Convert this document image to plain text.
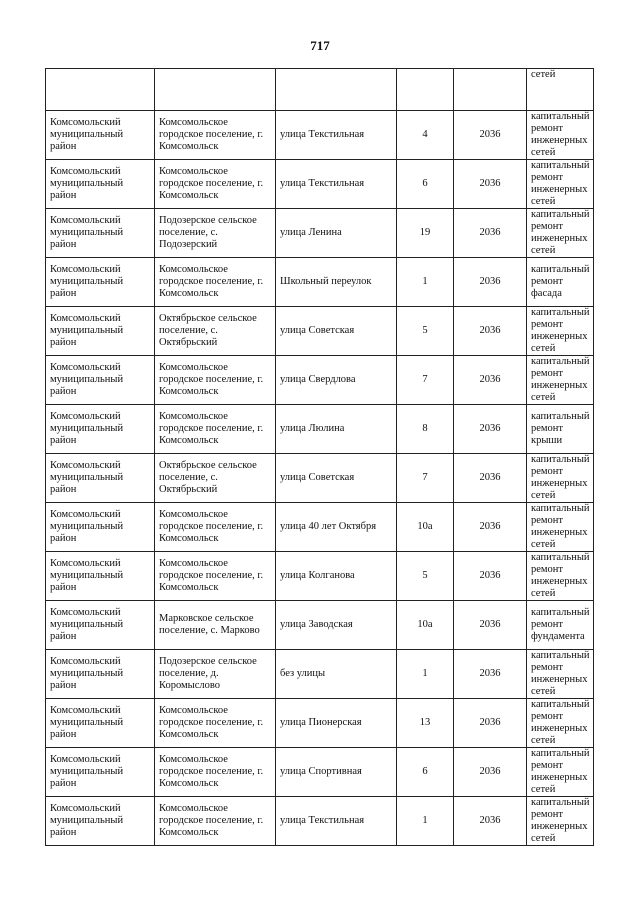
717
					сетей
Комсомольский муниципальный район	Комсомольское городское поселение, г. Комсомольск	улица Текстильная	4	2036	капитальный ремонт инженерных сетей
Комсомольский муниципальный район	Комсомольское городское поселение, г. Комсомольск	улица Текстильная	6	2036	капитальный ремонт инженерных сетей
Комсомольский муниципальный район	Подозерское сельское поселение, с. Подозерский	улица Ленина	19	2036	капитальный ремонт инженерных сетей
Комсомольский муниципальный район	Комсомольское городское поселение, г. Комсомольск	Школьный переулок	1	2036	капитальный ремонт фасада
Комсомольский муниципальный район	Октябрьское сельское поселение, с. Октябрьский	улица Советская	5	2036	капитальный ремонт инженерных сетей
Комсомольский муниципальный район	Комсомольское городское поселение, г. Комсомольск	улица Свердлова	7	2036	капитальный ремонт инженерных сетей
Комсомольский муниципальный район	Комсомольское городское поселение, г. Комсомольск	улица Люлина	8	2036	капитальный ремонт крыши
Комсомольский муниципальный район	Октябрьское сельское поселение, с. Октябрьский	улица Советская	7	2036	капитальный ремонт инженерных сетей
Комсомольский муниципальный район	Комсомольское городское поселение, г. Комсомольск	улица 40 лет Октября	10а	2036	капитальный ремонт инженерных сетей
Комсомольский муниципальный район	Комсомольское городское поселение, г. Комсомольск	улица Колганова	5	2036	капитальный ремонт инженерных сетей
Комсомольский муниципальный район	Марковское сельское поселение, с. Марково	улица Заводская	10а	2036	капитальный ремонт фундамента
Комсомольский муниципальный район	Подозерское сельское поселение, д. Коромыслово	без улицы	1	2036	капитальный ремонт инженерных сетей
Комсомольский муниципальный район	Комсомольское городское поселение, г. Комсомольск	улица Пионерская	13	2036	капитальный ремонт инженерных сетей
Комсомольский муниципальный район	Комсомольское городское поселение, г. Комсомольск	улица Спортивная	6	2036	капитальный ремонт инженерных сетей
Комсомольский муниципальный район	Комсомольское городское поселение, г. Комсомольск	улица Текстильная	1	2036	капитальный ремонт инженерных сетей
